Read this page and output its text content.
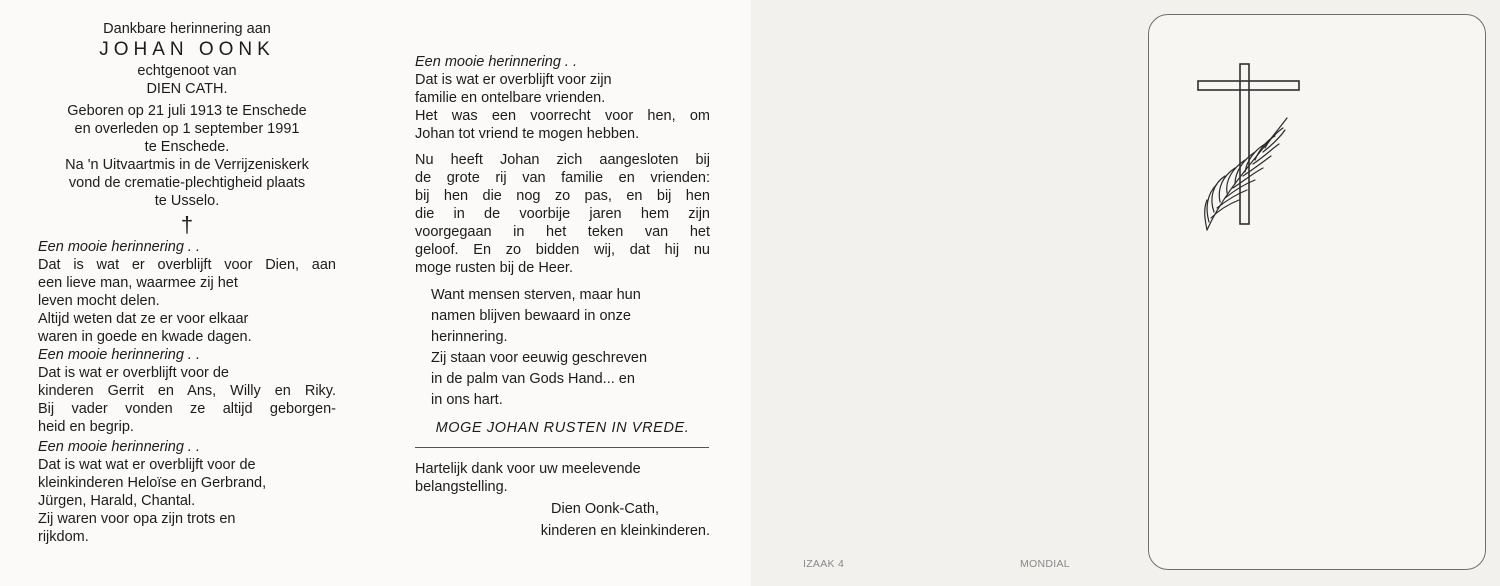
Dankbare herinnering aan
JOHAN OONK
echtgenoot van
DIEN CATH.
Geboren op 21 juli 1913 te Enschede
en overleden op 1 september 1991
te Enschede.
Na 'n Uitvaartmis in de Verrijzeniskerk
vond de crematie-plechtigheid plaats
te Usselo.
†
Een mooie herinnering . .
Dat is wat er overblijft voor Dien, aan
een lieve man, waarmee zij het
leven mocht delen.
Altijd weten dat ze er voor elkaar
waren in goede en kwade dagen.
Een mooie herinnering . .
Dat is wat er overblijft voor de
kinderen Gerrit en Ans, Willy en Riky.
Bij vader vonden ze altijd geborgen-
heid en begrip.
Een mooie herinnering . .
Dat is wat wat er overblijft voor de
kleinkinderen Heloïse en Gerbrand,
Jürgen, Harald, Chantal.
Zij waren voor opa zijn trots en
rijkdom.
Een mooie herinnering . .
Dat is wat er overblijft voor zijn
familie en ontelbare vrienden.
Het was een voorrecht voor hen, om
Johan tot vriend te mogen hebben.
Nu heeft Johan zich aangesloten bij
de grote rij van familie en vrienden:
bij hen die nog zo pas, en bij hen
die in de voorbije jaren hem zijn
voorgegaan in het teken van het
geloof. En zo bidden wij, dat hij nu
moge rusten bij de Heer.
Want mensen sterven, maar hun
namen blijven bewaard in onze
herinnering.
Zij staan voor eeuwig geschreven
in de palm van Gods Hand... en
in ons hart.
MOGE JOHAN RUSTEN IN VREDE.
Hartelijk dank voor uw meelevende
belangstelling.
Dien Oonk-Cath,
kinderen en kleinkinderen.
IZAAK 4	MONDIAL
